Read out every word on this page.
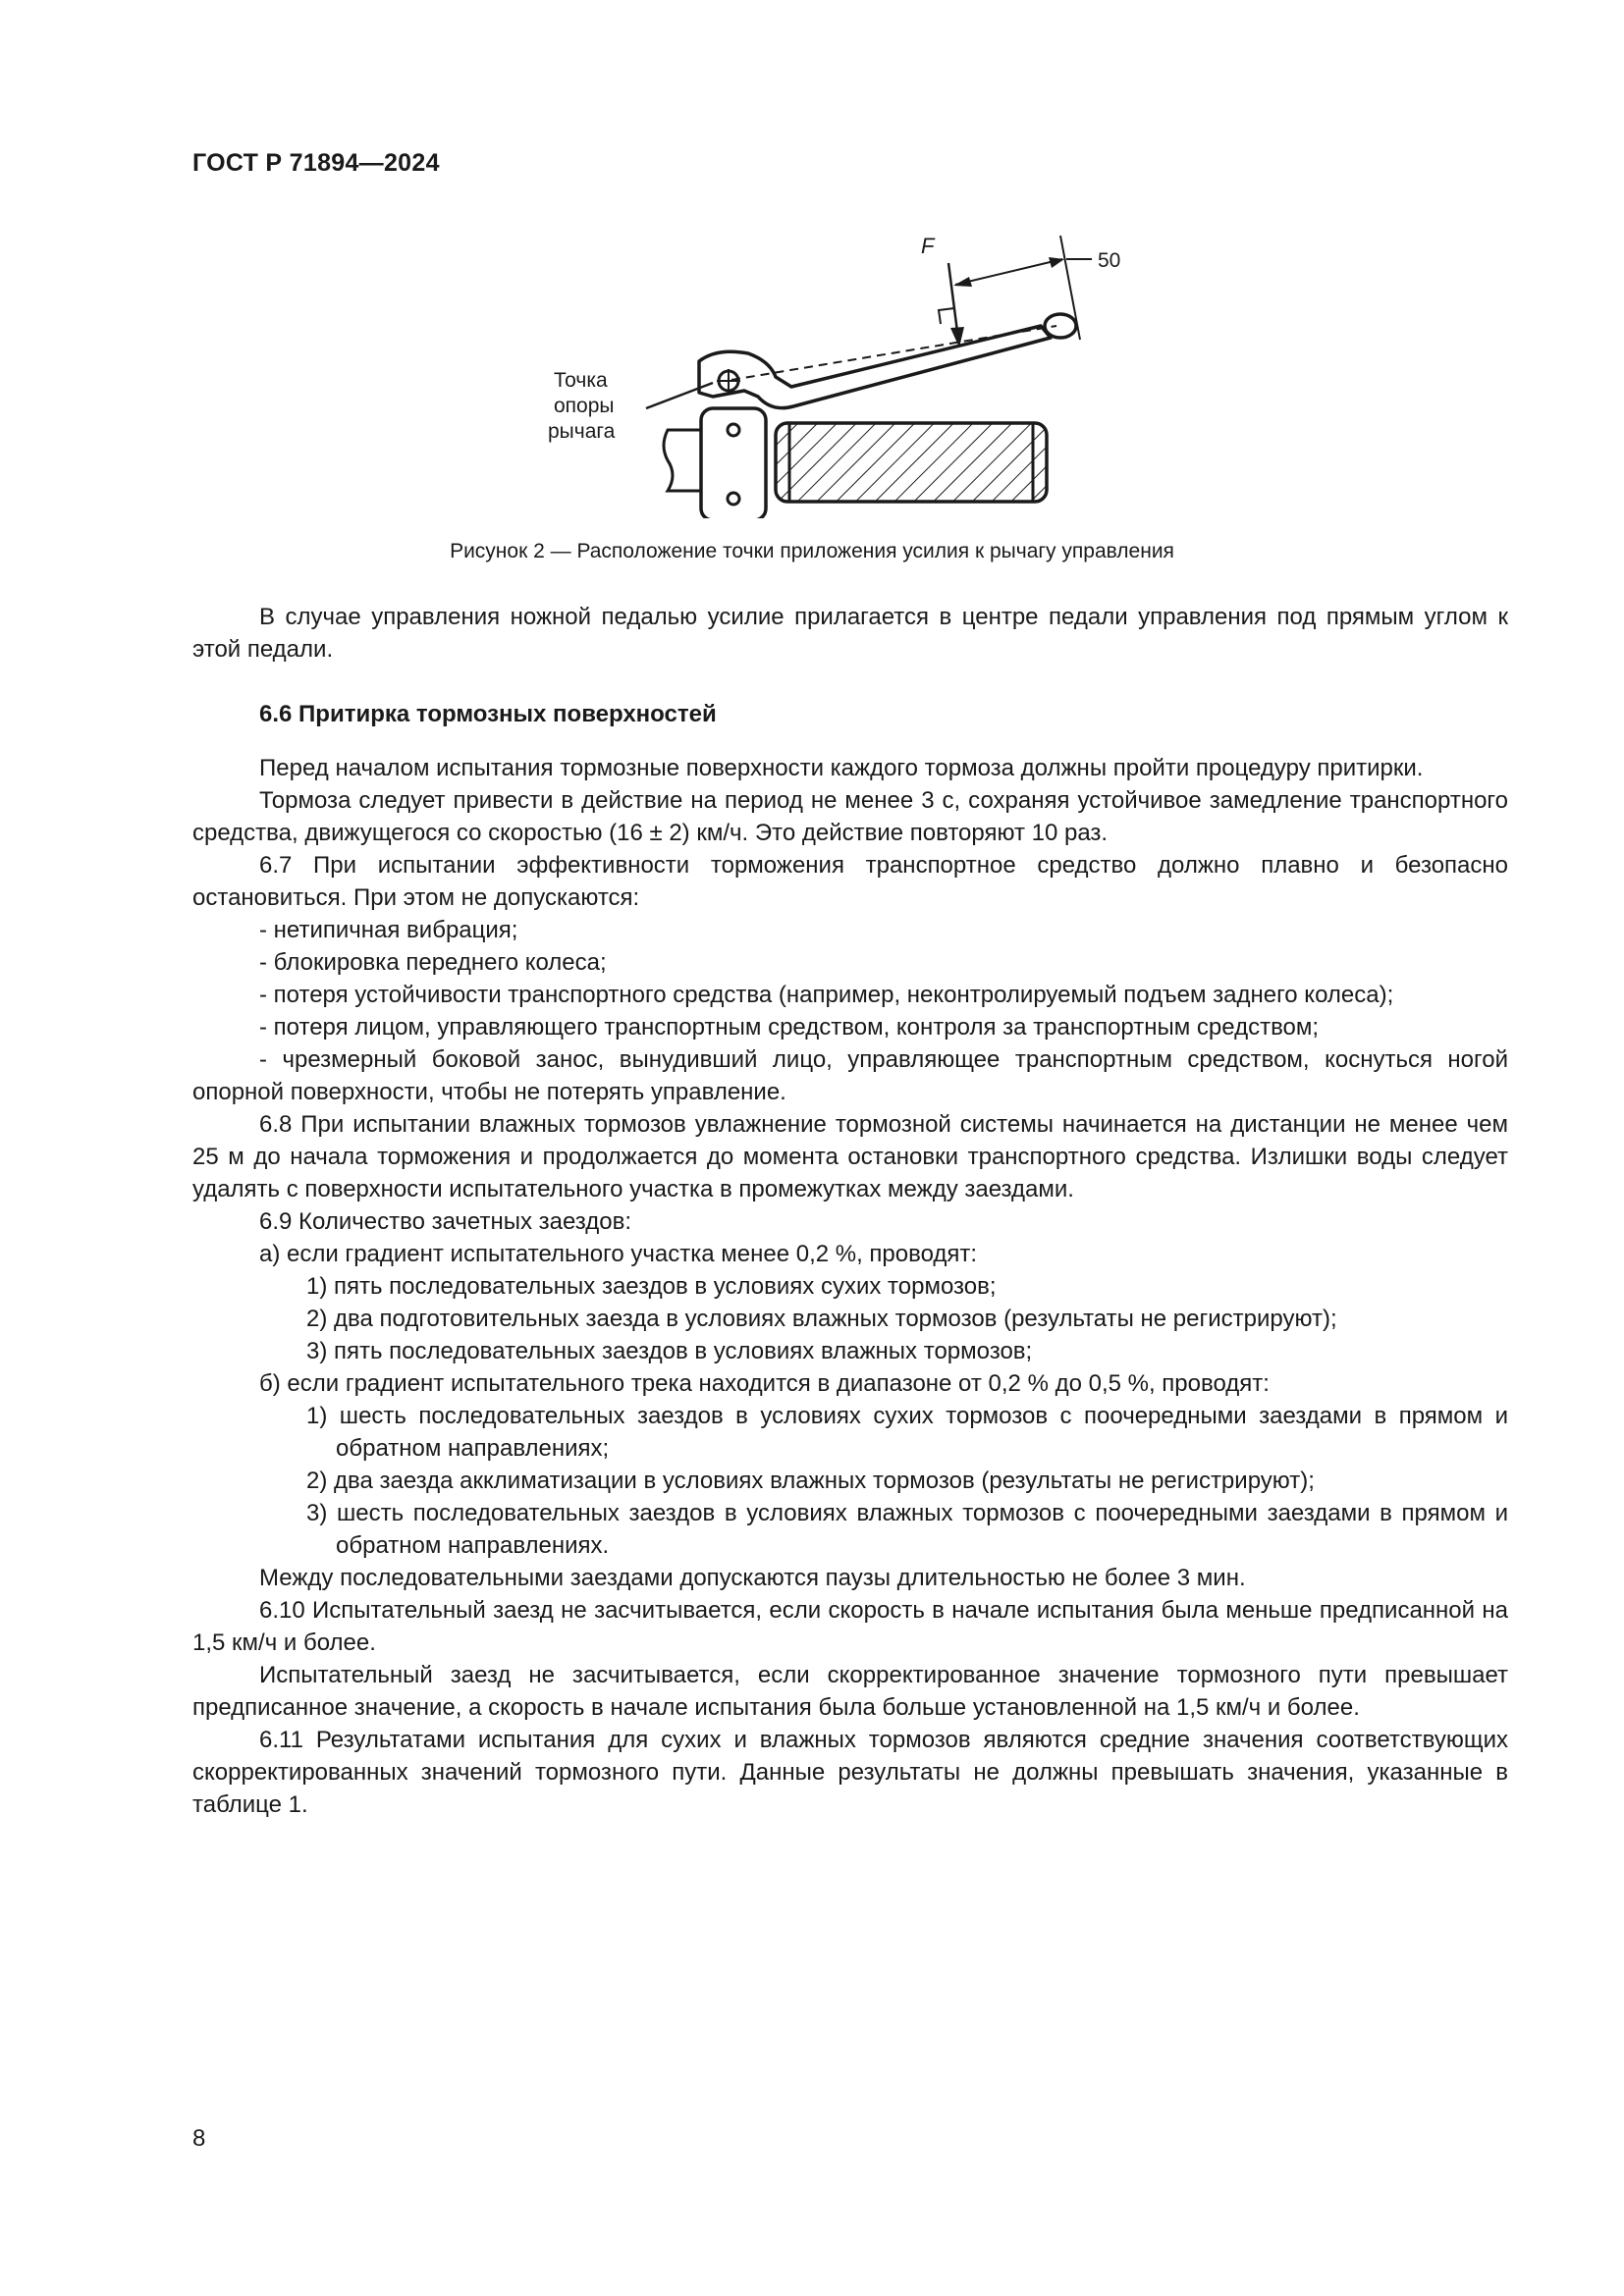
ГОСТ Р 71894—2024
F
50
Точка
опоры
рычага
Рисунок 2 — Расположение точки приложения усилия к рычагу управления

В случае управления ножной педалью усилие прилагается в центре педали управления под прямым углом к этой педали.

6.6 Притирка тормозных поверхностей

Перед началом испытания тормозные поверхности каждого тормоза должны пройти процедуру притирки.

Тормоза следует привести в действие на период не менее 3 с, сохраняя устойчивое замедление транспортного средства, движущегося со скоростью (16 ± 2) км/ч. Это действие повторяют 10 раз.

6.7 При испытании эффективности торможения транспортное средство должно плавно и безопасно остановиться. При этом не допускаются:

- нетипичная вибрация;

- блокировка переднего колеса;

- потеря устойчивости транспортного средства (например, неконтролируемый подъем заднего колеса);

- потеря лицом, управляющего транспортным средством, контроля за транспортным средством;

- чрезмерный боковой занос, вынудивший лицо, управляющее транспортным средством, коснуться ногой опорной поверхности, чтобы не потерять управление.

6.8 При испытании влажных тормозов увлажнение тормозной системы начинается на дистанции не менее чем 25 м до начала торможения и продолжается до момента остановки транспортного средства. Излишки воды следует удалять с поверхности испытательного участка в промежутках между заездами.

6.9 Количество зачетных заездов:

а) если градиент испытательного участка менее 0,2 %, проводят:

1) пять последовательных заездов в условиях сухих тормозов;

2) два подготовительных заезда в условиях влажных тормозов (результаты не регистрируют);

3) пять последовательных заездов в условиях влажных тормозов;

б) если градиент испытательного трека находится в диапазоне от 0,2 % до 0,5 %, проводят:

1) шесть последовательных заездов в условиях сухих тормозов с поочередными заездами в прямом и обратном направлениях;

2) два заезда акклиматизации в условиях влажных тормозов (результаты не регистрируют);

3) шесть последовательных заездов в условиях влажных тормозов с поочередными заездами в прямом и обратном направлениях.

Между последовательными заездами допускаются паузы длительностью не более 3 мин.

6.10 Испытательный заезд не засчитывается, если скорость в начале испытания была меньше предписанной на 1,5 км/ч и более.

Испытательный заезд не засчитывается, если скорректированное значение тормозного пути превышает предписанное значение, а скорость в начале испытания была больше установленной на 1,5 км/ч и более.

6.11 Результатами испытания для сухих и влажных тормозов являются средние значения соответствующих скорректированных значений тормозного пути. Данные результаты не должны превышать значения, указанные в таблице 1.

8
